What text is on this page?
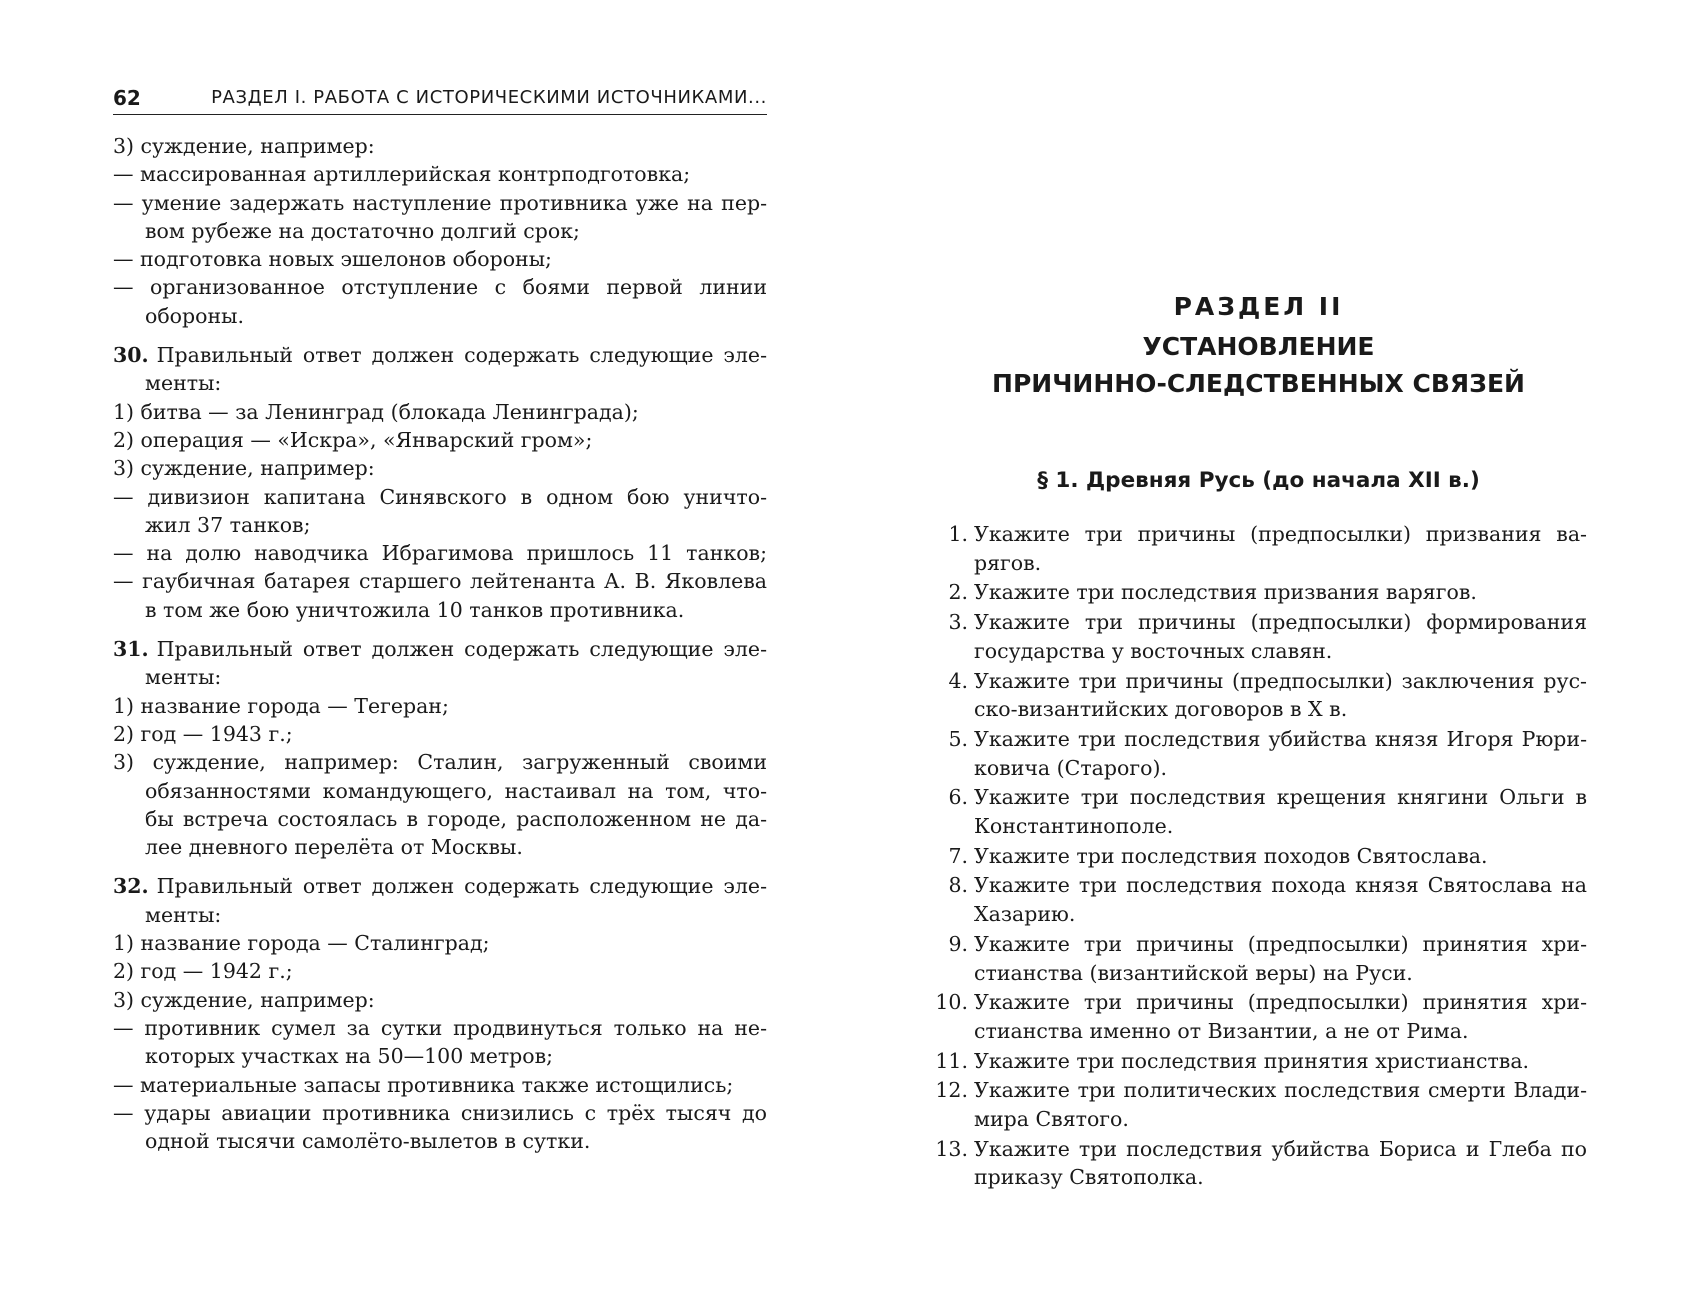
62	РАЗДЕЛ I. РАБОТА С ИСТОРИЧЕСКИМИ ИСТОЧНИКАМИ...
3) суждение, например:
— массированная артиллерийская контрподготовка;
— умение задержать наступление противника уже на пер-
вом рубеже на достаточно долгий срок;
— подготовка новых эшелонов обороны;
— организованное отступление с боями первой линии
обороны.
30. Правильный ответ должен содержать следующие эле-
менты:
1) битва — за Ленинград (блокада Ленинграда);
2) операция — «Искра», «Январский гром»;
3) суждение, например:
— дивизион капитана Синявского в одном бою уничто-
жил 37 танков;
— на долю наводчика Ибрагимова пришлось 11 танков;
— гаубичная батарея старшего лейтенанта А. В. Яковлева
в том же бою уничтожила 10 танков противника.
31. Правильный ответ должен содержать следующие эле-
менты:
1) название города — Тегеран;
2) год — 1943 г.;
3) суждение, например: Сталин, загруженный своими
обязанностями командующего, настаивал на том, что-
бы встреча состоялась в городе, расположенном не да-
лее дневного перелёта от Москвы.
32. Правильный ответ должен содержать следующие эле-
менты:
1) название города — Сталинград;
2) год — 1942 г.;
3) суждение, например:
— противник сумел за сутки продвинуться только на не-
которых участках на 50—100 метров;
— материальные запасы противника также истощились;
— удары авиации противника снизились с трёх тысяч до
одной тысячи самолёто-вылетов в сутки.
РАЗДЕЛ II
УСТАНОВЛЕНИЕ
ПРИЧИННО-СЛЕДСТВЕННЫХ СВЯЗЕЙ
§ 1. Древняя Русь (до начала XII в.)
1. Укажите три причины (предпосылки) призвания ва-рягов.
2. Укажите три последствия призвания варягов.
3. Укажите три причины (предпосылки) формирования государства у восточных славян.
4. Укажите три причины (предпосылки) заключения рус-ско-византийских договоров в X в.
5. Укажите три последствия убийства князя Игоря Рюри-ковича (Старого).
6. Укажите три последствия крещения княгини Ольги в Константинополе.
7. Укажите три последствия походов Святослава.
8. Укажите три последствия похода князя Святослава на Хазарию.
9. Укажите три причины (предпосылки) принятия хри-стианства (византийской веры) на Руси.
10. Укажите три причины (предпосылки) принятия хри-стианства именно от Византии, а не от Рима.
11. Укажите три последствия принятия христианства.
12. Укажите три политических последствия смерти Влади-мира Святого.
13. Укажите три последствия убийства Бориса и Глеба по приказу Святополка.
